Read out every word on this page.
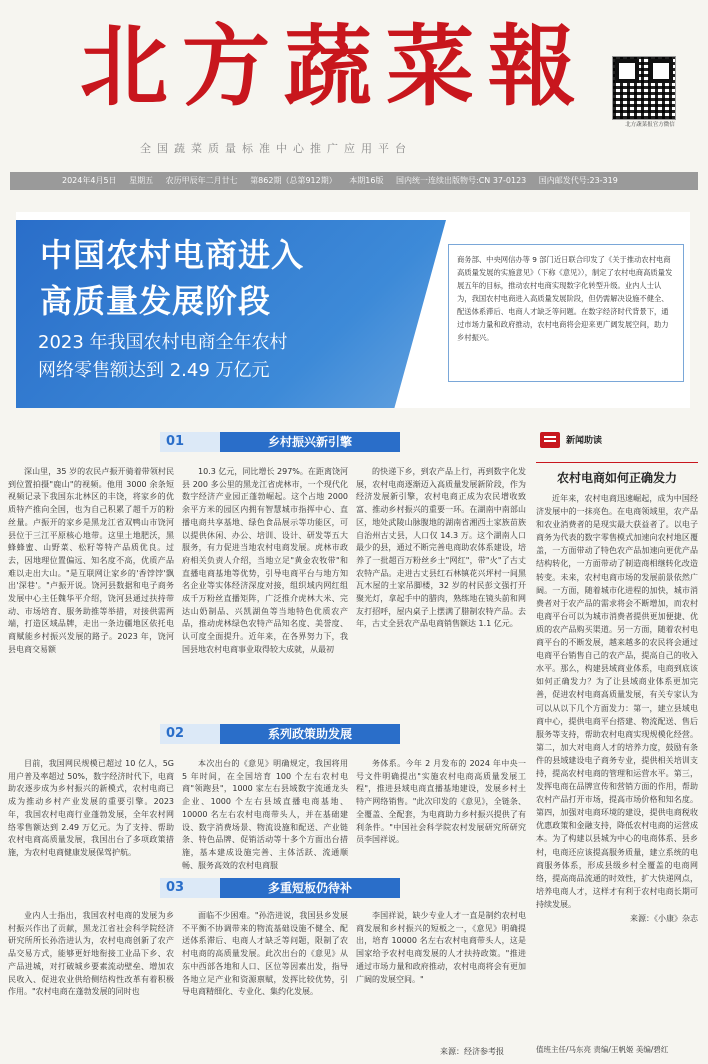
北方蔬菜報
全国蔬菜质量标准中心推广应用平台
北方蔬菜报官方微信
2024年4月5日 星期五 农历甲辰年二月廿七 第862期（总第912期） 本期16版 国内统一连续出版物号:CN 37-0123 国内邮发代号:23-319
中国农村电商进入
高质量发展阶段
2023 年我国农村电商全年农村
网络零售额达到 2.49 万亿元
商务部、中央网信办等 9 部门近日联合印发了《关于推动农村电商高质量发展的实施意见》（下称《意见》），制定了农村电商高质量发展五年的目标，推动农村电商实现数字化转型升级。业内人士认为，我国农村电商进入高质量发展阶段，但仍需解决设施不健全、配送体系滞后、电商人才缺乏等问题。在数字经济时代背景下，通过市场力量和政府推动，农村电商将会迎来更广阔发展空间，助力乡村振兴。
01	乡村振兴新引擎

深山里，35 岁的农民卢振开骑着带领村民到位置拍摄"鹿山"的视频。他用 3000 余条短视频记录下我国东北林区的丰饶，将家乡的优质特产推向全国，也为自己积累了超千万的粉丝量。卢振开的家乡是黑龙江省双鸭山市饶河县位于三江平原核心地带。这里土地肥沃，黑蜂蜂蜜、山野菜、松籽等特产品质优良。过去，因地理位置偏远、知名度不高，优质产品难以走出大山。"是互联网让家乡的'香饽饽'飘出'深巷'。"卢振开说。饶河县数据和电子商务发展中心主任魏华平介绍，饶河县通过扶持带动、市场培育、服务助推等举措，对接供需两端，打造区域品牌，走出一条边疆地区依托电商赋能乡村振兴发展的路子。2023 年，饶河县电商交易额

10.3 亿元，同比增长 297%。在距离饶河县 200 多公里的黑龙江省虎林市，一个现代化数字经济产业园正蓬勃崛起。这个占地 2000 余平方米的园区内拥有智慧城市指挥中心、直播电商共享基地、绿色食品展示等功能区，可以提供休闲、办公、培训、设计、研发等五大服务，有力促进当地农村电商发展。虎林市政府相关负责人介绍，当地立足"黄金农牧带"和直播电商基地等优势，引导电商平台与地方知名企业等实体经济深度对接，组织域内网红组成千万粉丝直播矩阵，广泛推介虎林大米、完达山奶制品、兴凯湖鱼等当地特色优质农产品，推动虎林绿色农特产品知名度、美誉度、认可度全面提升。近年来，在各界努力下，我国县地农村电商事业取得较大成就，从最初

的快递下乡，到农产品上行，再到数字化发展，农村电商逐渐迈入高质量发展新阶段，作为经济发展新引擎，农村电商正成为农民增收致富、推动乡村振兴的重要一环。在湖南中南部山区，地处武陵山脉腹地的湖南省湘西土家族苗族自治州古丈县，人口仅 14.3 万。这个湖南人口最少的县，通过不断完善电商助农体系建设，培养了一批超百万粉丝乡土"网红"，带"火"了古丈农特产品。走进古丈县红石林镇花兴坪村一间黑瓦木屋的土家吊脚楼，32 岁的村民彭文强打开聚光灯，拿起手中的腊肉，熟练地在镜头前和网友打招呼，屋内桌子上摆满了腊制农特产品。去年，古丈全县农产品电商销售额达 1.1 亿元。

02	系列政策助发展

目前，我国网民规模已超过 10 亿人，5G 用户普及率超过 50%，数字经济时代下，电商助农逐步成为乡村振兴的新模式，农村电商已成为推动乡村产业发展的重要引擎。2023 年，我国农村电商行业蓬勃发展，全年农村网络零售额达到 2.49 万亿元。为了支持、帮助农村电商高质量发展，我国出台了多项政策措施，为农村电商健康发展保驾护航。

本次出台的《意见》明确规定，我国将用 5 年时间，在全国培育 100 个左右农村电商"领跑县"，1000 家左右县域数字流通龙头企业、1000 个左右县域直播电商基地、10000 名左右农村电商带头人，并在基础建设、数字消费场景、物流设施和配送、产业链条、特色品牌、促销活动等十多个方面出台措施，基本建成设施完善、主体活跃、流通顺畅、服务高效的农村电商服

务体系。今年 2 月发布的 2024 年中央一号文件明确提出"实施农村电商高质量发展工程"，推进县域电商直播基地建设，发展乡村土特产网络销售。"此次印发的《意见》，全链条、全覆盖、全配套，为电商助力乡村振兴提供了有利条件。"中国社会科学院农村发展研究所研究员李国祥说。

03	多重短板仍待补

业内人士指出，我国农村电商的发展为乡村振兴作出了贡献，黑龙江省社会科学院经济研究所所长孙浩进认为，农村电商创新了农产品交易方式，能够更好地衔接工业品下乡、农产品进城，对打破城乡要素流动壁垒、增加农民收入、促进农业供给侧结构性改革有着积极作用。"农村电商在蓬勃发展的同时也

面临不少困难。"孙浩进说，我国县乡发展不平衡不协调带来的物流基础设施不健全、配送体系滞后、电商人才缺乏等问题，限制了农村电商的高质量发展。此次出台的《意见》从东中西部各地和人口、区位等因素出发，指导各地立足产业和资源禀赋，发挥比较优势，引导电商精细化、专业化、集约化发展。

李国祥说，缺少专业人才一直是制约农村电商发展和乡村振兴的短板之一，《意见》明确提出，培育 10000 名左右农村电商带头人，这是国家给予农村电商发展的人才扶持政策。"推进通过市场力量和政府推动，农村电商将会有更加广阔的发展空间。"

来源：经济参考报
新闻助读
农村电商如何正确发力

近年来，农村电商迅速崛起，成为中国经济发展中的一抹亮色。在电商领域里，农产品和农业消费者的是现实最大获益者了。以电子商务为代表的数字零售模式加速向农村地区覆盖，一方面带动了特色农产品加速向更优产品结构转化，一方面带动了制造商相继转化改造转变。未来，农村电商市场的发展前景依然广阔。一方面，随着城市化进程的加快，城市消费者对于农产品的需求将会不断增加，而农村电商平台可以为城市消费者提供更加便捷、优质的农产品购买渠道。另一方面，随着农村电商平台的不断发展，越来越多的农民将会通过电商平台销售自己的农产品，提高自己的收入水平。那么，构建县域商业体系，电商到底该如何正确发力？为了让县域商业体系更加完善，促进农村电商高质量发展，有关专家认为可以从以下几个方面发力：第一，建立县域电商中心，提供电商平台搭建、物流配送、售后服务等支持，帮助农村电商实现规模化经营。第二，加大对电商人才的培养力度，鼓励有条件的县域建设电子商务专业，提供相关培训支持，提高农村电商的管理和运营水平。第三，发挥电商在品牌宣传和营销方面的作用，帮助农村产品打开市场，提高市场价格和知名度。第四，加强对电商环境的建设，提供电商税收优惠政策和金融支持，降低农村电商的运营成本。为了构建以县城为中心的电商体系、县乡村，电商还应该提高服务质量，建立系统的电商服务体系，形成县级乡村全覆盖的电商网络，提高商品流通的时效性，扩大快递网点，培养电商人才，这样才有利于农村电商长期可持续发展。

来源：《小康》杂志
值班主任/马东亮 责编/王帆姬 美编/碧红
